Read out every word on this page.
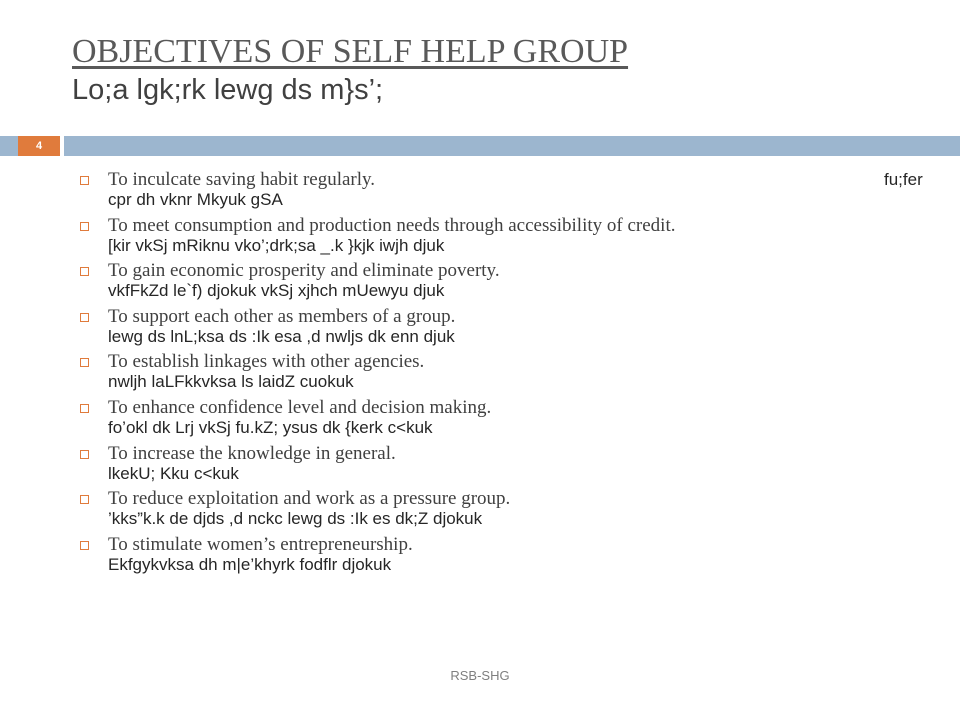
OBJECTIVES OF SELF HELP GROUP
Lo;a lgk;rk lewg ds m}s’;
4
To inculcate saving habit regularly.	fu;fer
cpr dh vknr Mkyuk gSA
To meet consumption and production needs through accessibility of credit.
[kir vkSj mRiknu vko’;drk;sa _.k }kjk iwjh djuk
To gain economic prosperity and eliminate poverty.
vkfFkZd le`f) djokuk vkSj xjhch mUewyu djuk
To support each other as members of a group.
lewg ds lnL;ksa ds :Ik esa ,d nwljs dk enn djuk
To establish linkages with other agencies.
nwljh laLFkkvksa ls laidZ cuokuk
To enhance confidence level and decision making.
fo’okl dk Lrj vkSj fu.kZ; ysus dk {kerk c<kuk
To increase the knowledge in general.
lkekU; Kku c<kuk
To reduce exploitation and work as a pressure group.
’kks”k.k de djds ,d nckc lewg ds :Ik es dk;Z djokuk
To stimulate women’s entrepreneurship.
Ekfgykvksa dh m|e’khyrk fodflr djokuk
RSB-SHG
